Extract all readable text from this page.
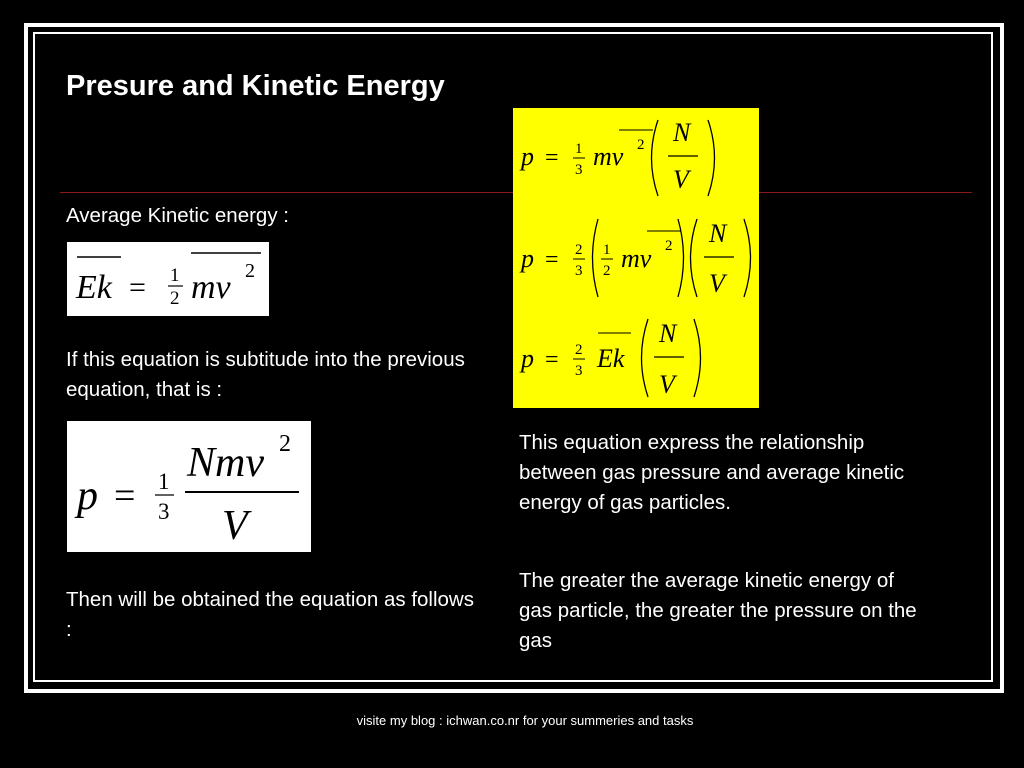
Presure and Kinetic Energy

Average Kinetic energy :

Ek = 1
2 mv 2

If this equation is subtitude into the previous equation, that is :

p = 1
3
Nmv 2
V

Then will be obtained the equation as follows :

p = 1
3 mv 2 N
V
p = 2
3
1
2 mv 2 N
V
p = 2
3 Ek
N
V

This equation express the relationship between gas pressure and average kinetic energy of gas particles.

The greater the average kinetic energy of gas particle, the greater the pressure on the gas

visite my blog : ichwan.co.nr for your summeries and tasks
